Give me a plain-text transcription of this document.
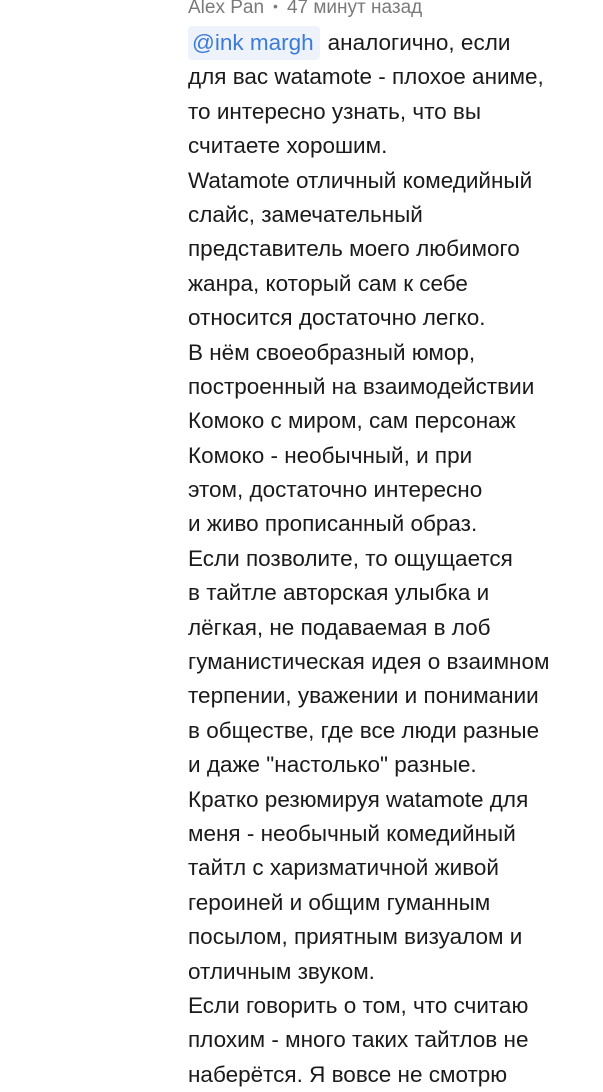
Alex Pan • 47 минут назад
@ink margh аналогично, если
для вас watamote - плохое аниме,
то интересно узнать, что вы
считаете хорошим.
Watamote отличный комедийный
слайс, замечательный
представитель моего любимого
жанра, который сам к себе
относится достаточно легко.
В нём своеобразный юмор,
построенный на взаимодействии
Комоко с миром, сам персонаж
Комоко - необычный, и при
этом, достаточно интересно
и живо прописанный образ.
Если позволите, то ощущается
в тайтле авторская улыбка и
лёгкая, не подаваемая в лоб
гуманистическая идея о взаимном
терпении, уважении и понимании
в обществе, где все люди разные
и даже "настолько" разные.
Кратко резюмируя watamote для
меня - необычный комедийный
тайтл с харизматичной живой
героиней и общим гуманным
посылом, приятным визуалом и
отличным звуком.
Если говорить о том, что считаю
плохим - много таких тайтлов не
наберётся. Я вовсе не смотрю
